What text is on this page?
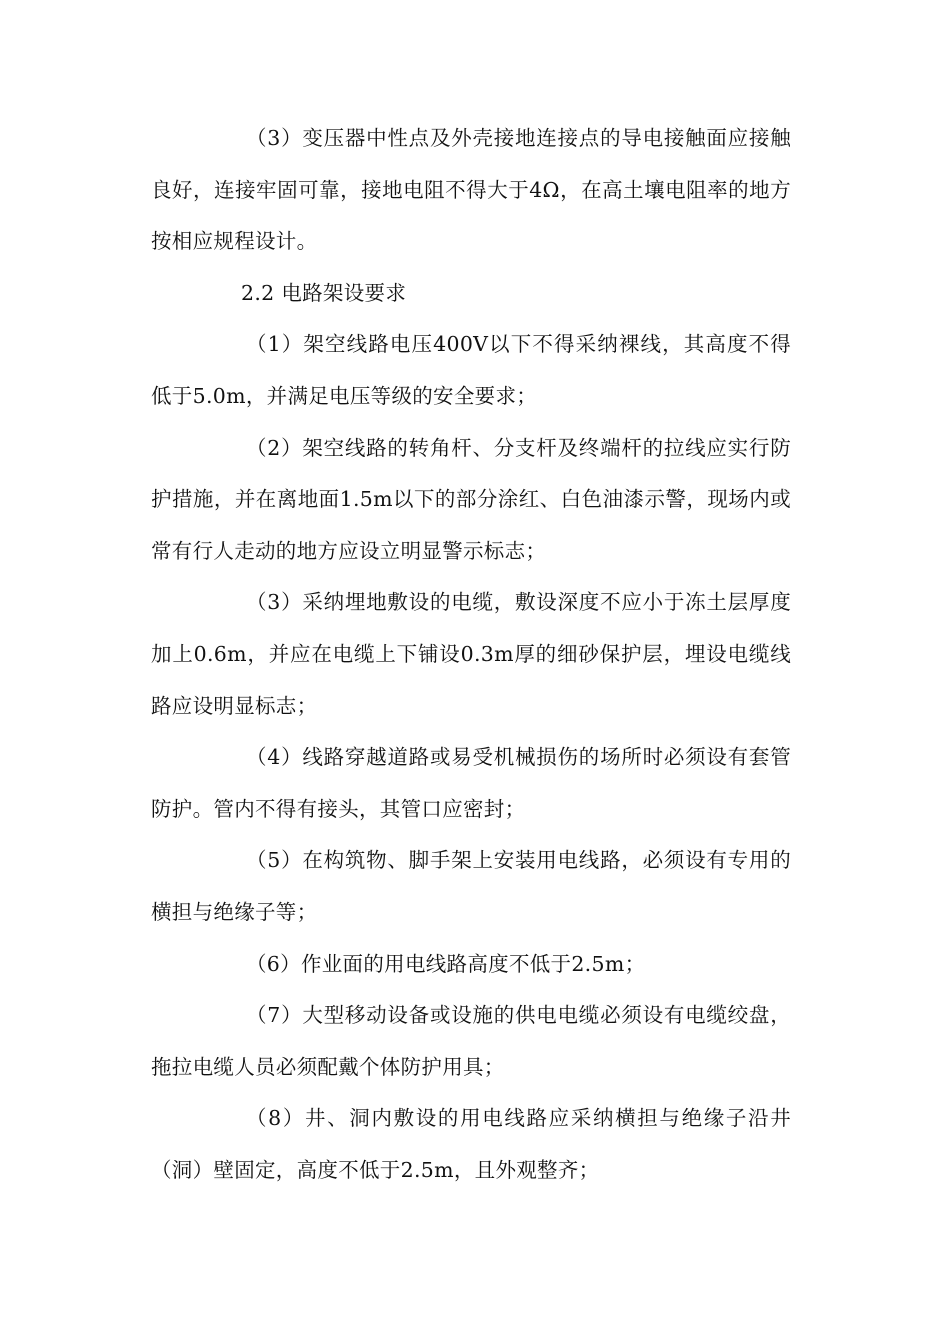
（3）变压器中性点及外壳接地连接点的导电接触面应接触良好，连接牢固可靠，接地电阻不得大于4Ω，在高土壤电阻率的地方按相应规程设计。

2.2 电路架设要求

（1）架空线路电压400V以下不得采纳裸线，其高度不得低于5.0m，并满足电压等级的安全要求；

（2）架空线路的转角杆、分支杆及终端杆的拉线应实行防护措施，并在离地面1.5m以下的部分涂红、白色油漆示警，现场内或常有行人走动的地方应设立明显警示标志；

（3）采纳埋地敷设的电缆，敷设深度不应小于冻土层厚度加上0.6m，并应在电缆上下铺设0.3m厚的细砂保护层，埋设电缆线路应设明显标志；

（4）线路穿越道路或易受机械损伤的场所时必须设有套管防护。管内不得有接头，其管口应密封；

（5）在构筑物、脚手架上安装用电线路，必须设有专用的横担与绝缘子等；

（6）作业面的用电线路高度不低于2.5m；

（7）大型移动设备或设施的供电电缆必须设有电缆绞盘，拖拉电缆人员必须配戴个体防护用具；

（8）井、洞内敷设的用电线路应采纳横担与绝缘子沿井（洞）壁固定，高度不低于2.5m，且外观整齐；
